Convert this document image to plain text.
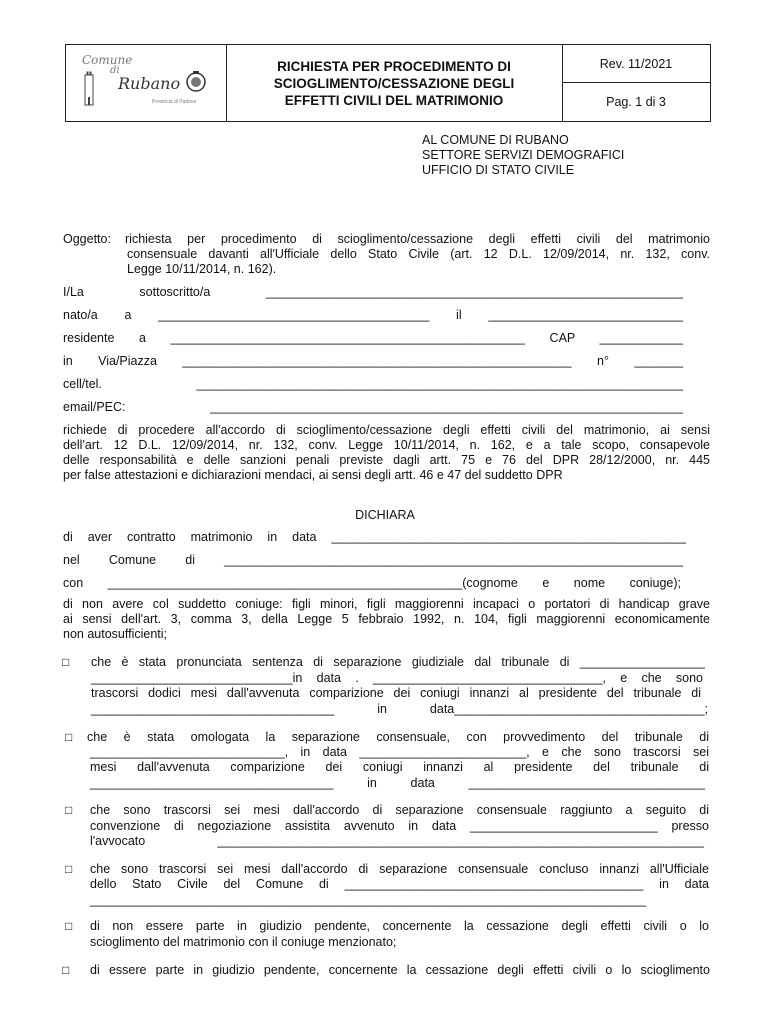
Comune
di
Rubano
Provincia di Padova
RICHIESTA PER PROCEDIMENTO DI
SCIOGLIMENTO/CESSAZIONE DEGLI
EFFETTI CIVILI DEL MATRIMONIO
Rev. 11/2021
Pag. 1 di 3
AL COMUNE DI RUBANO
SETTORE SERVIZI DEMOGRAFICI
UFFICIO DI STATO CIVILE
Oggetto: richiesta per procedimento di scioglimento/cessazione degli effetti civili del matrimonio
consensuale davanti all'Ufficiale dello Stato Civile (art. 12 D.L. 12/09/2014, nr. 132, conv.
Legge 10/11/2014, n. 162).
I/La sottoscritto/a ____________________________________________________________
nato/a a _______________________________________ il ____________________________
residente a ___________________________________________________ CAP ____________
in Via/Piazza ________________________________________________________ n° _______
cell/tel. ______________________________________________________________________
email/PEC: ____________________________________________________________________
richiede di procedere all'accordo di scioglimento/cessazione degli effetti civili del matrimonio, ai sensi
dell'art. 12 D.L. 12/09/2014, nr. 132, conv. Legge 10/11/2014, n. 162, e a tale scopo, consapevole
delle responsabilità e delle sanzioni penali previste dagli artt. 75 e 76 del DPR 28/12/2000, nr. 445
per false attestazioni e dichiarazioni mendaci, ai sensi degli artt. 46 e 47 del suddetto DPR
DICHIARA
di aver contratto matrimonio in data ___________________________________________________
nel Comune di __________________________________________________________________
con ___________________________________________________(cognome e nome coniuge);
di non avere col suddetto coniuge: figli minori, figli maggiorenni incapaci o portatori di handicap grave
ai sensi dell'art. 3, comma 3, della Legge 5 febbraio 1992, n. 104, figli maggiorenni economicamente
non autosufficienti;
□ che è stata pronunciata sentenza di separazione giudiziale dal tribunale di __________________
_____________________________in data . _________________________________, e che sono
trascorsi dodici mesi dall'avvenuta comparizione dei coniugi innanzi al presidente del tribunale di
___________________________________ in data____________________________________;
□ che è stata omologata la separazione consensuale, con provvedimento del tribunale di
____________________________, in data ________________________, e che sono trascorsi sei
mesi dall'avvenuta comparizione dei coniugi innanzi al presidente del tribunale di
___________________________________ in data __________________________________
□ che sono trascorsi sei mesi dall'accordo di separazione consensuale raggiunto a seguito di
convenzione di negoziazione assistita avvenuto in data ___________________________ presso
l'avvocato ______________________________________________________________________
□ che sono trascorsi sei mesi dall'accordo di separazione consensuale concluso innanzi all'Ufficiale
dello Stato Civile del Comune di ___________________________________________ in data
________________________________________________________________________________
□ di non essere parte in giudizio pendente, concernente la cessazione degli effetti civili o lo
scioglimento del matrimonio con il coniuge menzionato;
□ di essere parte in giudizio pendente, concernente la cessazione degli effetti civili o lo scioglimento
